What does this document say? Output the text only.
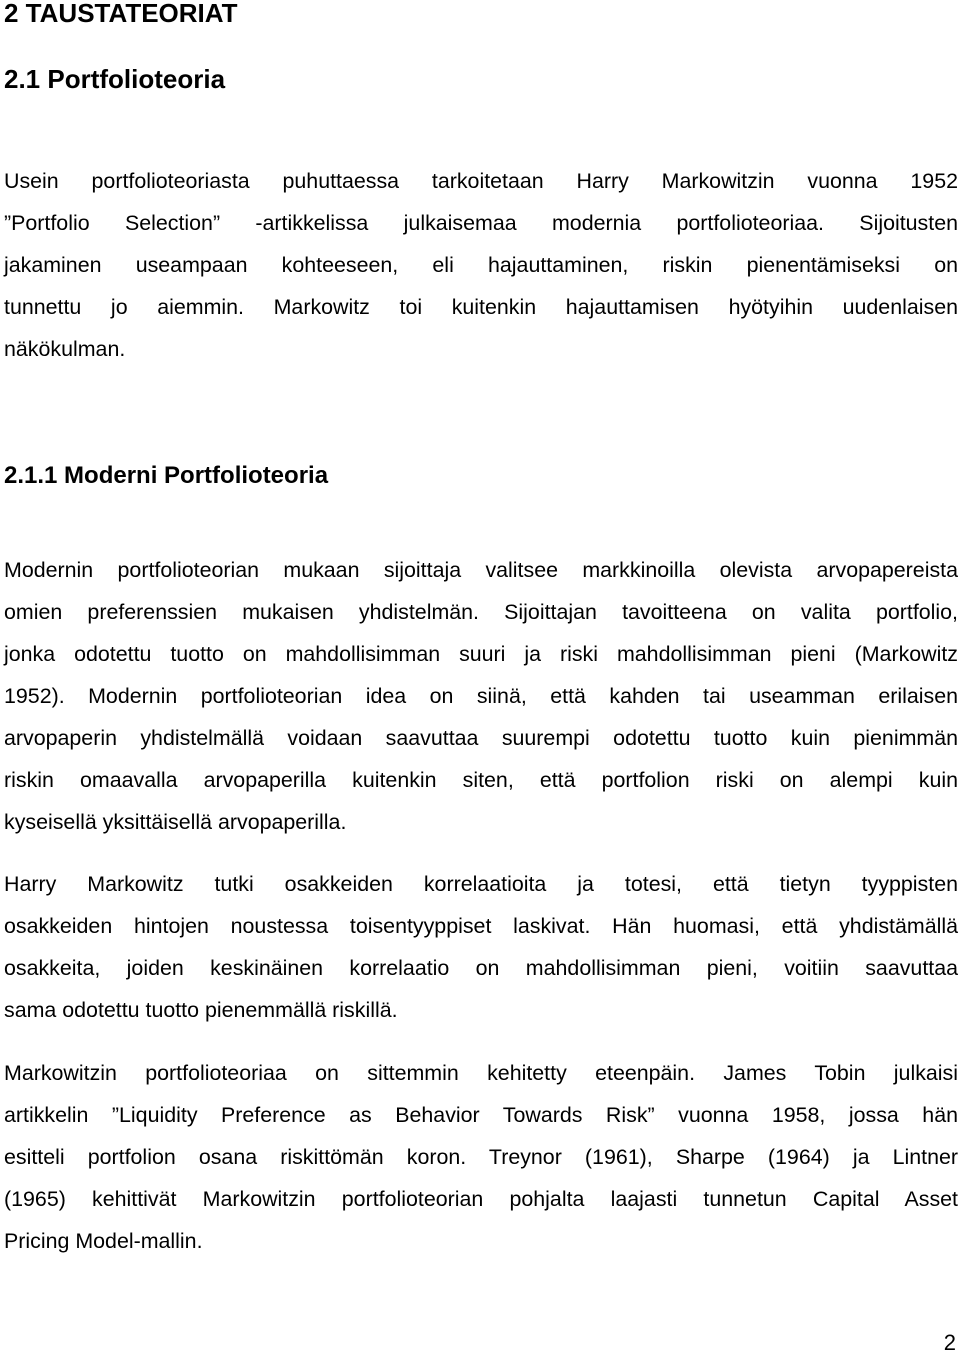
2 TAUSTATEORIAT
2.1 Portfolioteoria

Usein portfolioteoriasta puhuttaessa tarkoitetaan Harry Markowitzin vuonna 1952
”Portfolio Selection” -artikkelissa julkaisemaa modernia portfolioteoriaa. Sijoitusten
jakaminen useampaan kohteeseen, eli hajauttaminen, riskin pienentämiseksi on
tunnettu jo aiemmin. Markowitz toi kuitenkin hajauttamisen hyötyihin uudenlaisen
näkökulman.

2.1.1 Moderni Portfolioteoria

Modernin portfolioteorian mukaan sijoittaja valitsee markkinoilla olevista arvopapereista
omien preferenssien mukaisen yhdistelmän. Sijoittajan tavoitteena on valita portfolio,
jonka odotettu tuotto on mahdollisimman suuri ja riski mahdollisimman pieni (Markowitz
1952). Modernin portfolioteorian idea on siinä, että kahden tai useamman erilaisen
arvopaperin yhdistelmällä voidaan saavuttaa suurempi odotettu tuotto kuin pienimmän
riskin omaavalla arvopaperilla kuitenkin siten, että portfolion riski on alempi kuin
kyseisellä yksittäisellä arvopaperilla.

Harry Markowitz tutki osakkeiden korrelaatioita ja totesi, että tietyn tyyppisten
osakkeiden hintojen noustessa toisentyyppiset laskivat. Hän huomasi, että yhdistämällä
osakkeita, joiden keskinäinen korrelaatio on mahdollisimman pieni, voitiin saavuttaa
sama odotettu tuotto pienemmällä riskillä.

Markowitzin portfolioteoriaa on sittemmin kehitetty eteenpäin. James Tobin julkaisi
artikkelin ”Liquidity Preference as Behavior Towards Risk” vuonna 1958, jossa hän
esitteli portfolion osana riskittömän koron. Treynor (1961), Sharpe (1964) ja Lintner
(1965) kehittivät Markowitzin portfolioteorian pohjalta laajasti tunnetun Capital Asset
Pricing Model-mallin.

2
